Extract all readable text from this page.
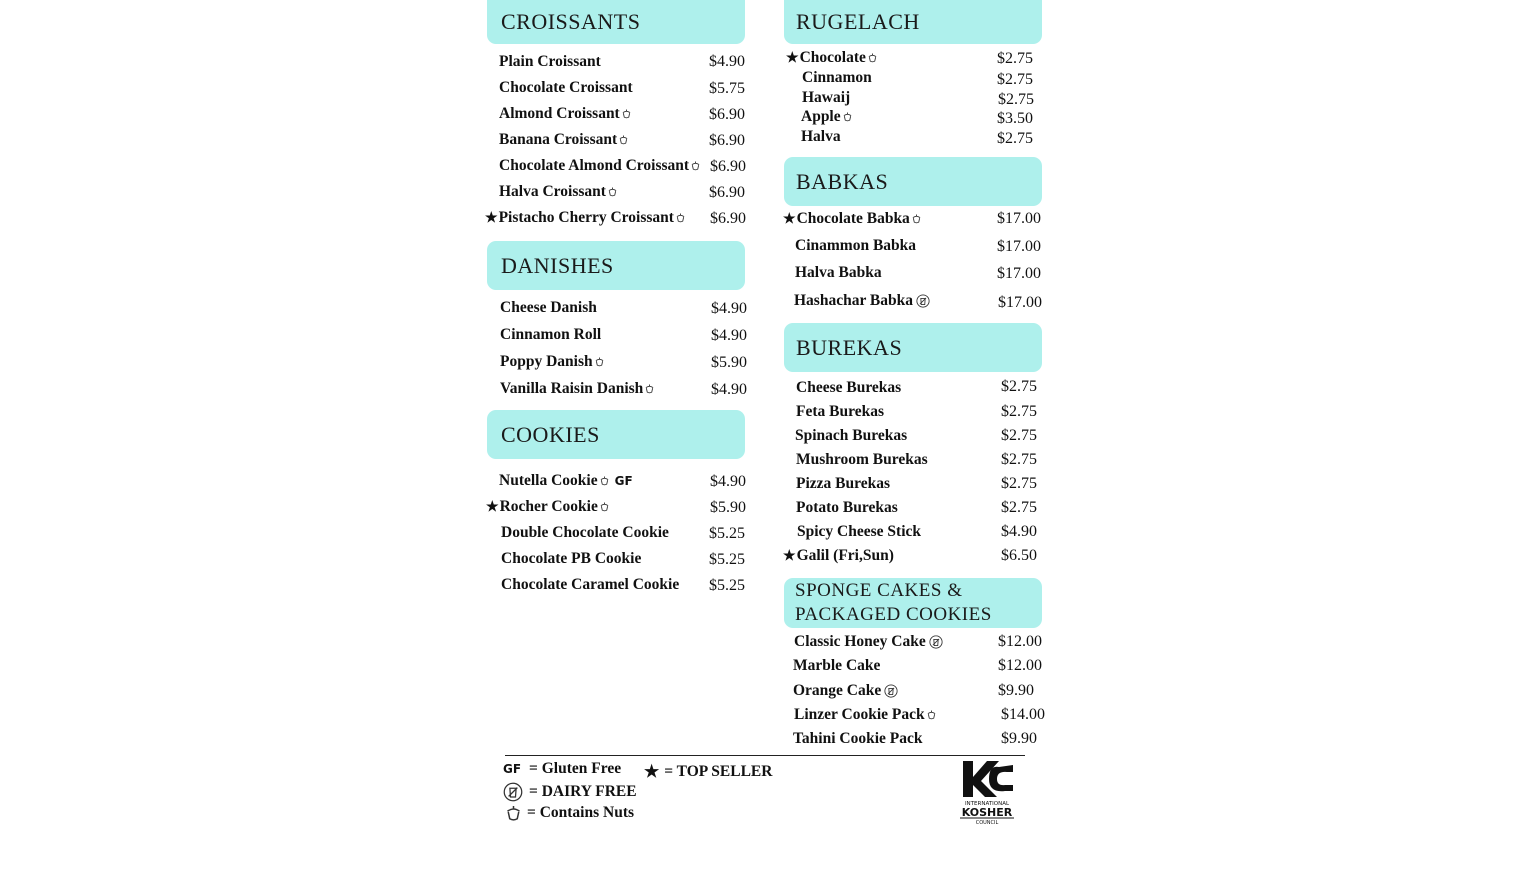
CROISSANTS
Plain Croissant	$4.90
Chocolate Croissant	$5.75
Almond Croissant	$6.90
Banana Croissant	$6.90
Chocolate Almond Croissant $6.90
Halva Croissant	$6.90
★ Pistacho Cherry Croissant $6.90
DANISHES
Cheese Danish	$4.90
Cinnamon Roll	$4.90
Poppy Danish	$5.90
Vanilla Raisin Danish	$4.90
COOKIES
Nutella Cookie GF	$4.90
★ Rocher Cookie	$5.90
Double Chocolate Cookie	$5.25
Chocolate PB Cookie	$5.25
Chocolate Caramel Cookie $5.25
RUGELACH
★ Chocolate	$2.75
Cinnamon	$2.75
Hawaij	$2.75
Apple	$3.50
Halva	$2.75
BABKAS
★ Chocolate Babka	$17.00
Cinammon Babka	$17.00
Halva Babka	$17.00
Hashachar Babka	$17.00
BUREKAS
Cheese Burekas	$2.75
Feta Burekas	$2.75
Spinach Burekas	$2.75
Mushroom Burekas	$2.75
Pizza Burekas	$2.75
Potato Burekas	$2.75
Spicy Cheese Stick	$4.90
★ Galil (Fri,Sun)	$6.50
SPONGE CAKES &
PACKAGED COOKIES
Classic Honey Cake	$12.00
Marble Cake	$12.00
Orange Cake	$9.90
Linzer Cookie Pack	$14.00
Tahini Cookie Pack	$9.90
GF = Gluten Free ★ = TOP SELLER
= DAIRY FREE
= Contains Nuts	INTERNATIONAL
KOSHER
COUNCIL
